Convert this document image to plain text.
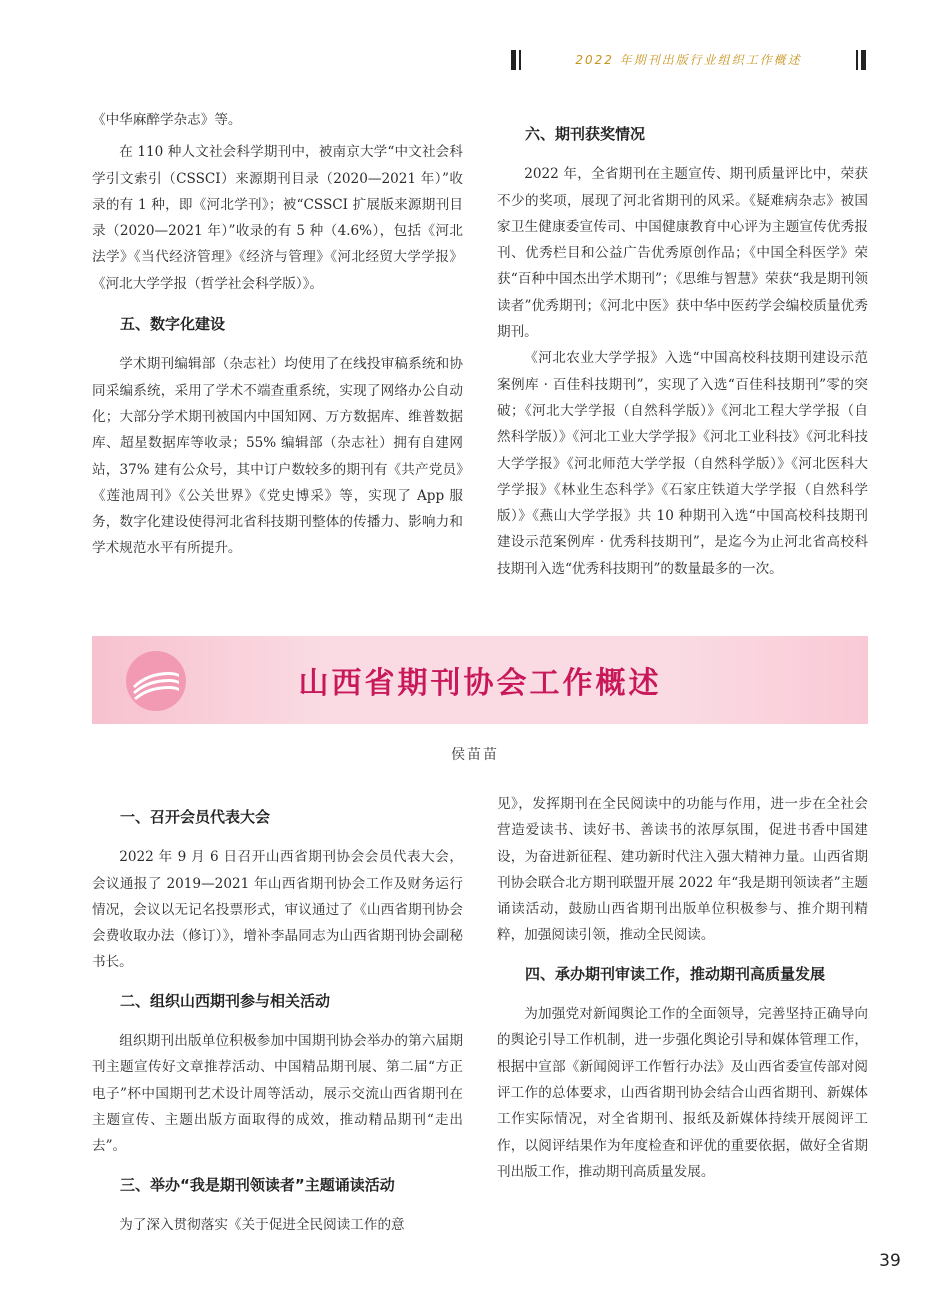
2022 年期刊出版行业组织工作概述

《中华麻醉学杂志》等。

在 110 种人文社会科学期刊中，被南京大学“中文社会科学引文索引（CSSCI）来源期刊目录（2020—2021 年）”收录的有 1 种，即《河北学刊》；被“CSSCI 扩展版来源期刊目录（2020—2021 年）”收录的有 5 种（4.6%），包括《河北法学》《当代经济管理》《经济与管理》《河北经贸大学学报》《河北大学学报（哲学社会科学版）》。

五、数字化建设

学术期刊编辑部（杂志社）均使用了在线投审稿系统和协同采编系统，采用了学术不端查重系统，实现了网络办公自动化；大部分学术期刊被国内中国知网、万方数据库、维普数据库、超星数据库等收录；55% 编辑部（杂志社）拥有自建网站，37% 建有公众号，其中订户数较多的期刊有《共产党员》《莲池周刊》《公关世界》《党史博采》等，实现了 App 服务，数字化建设使得河北省科技期刊整体的传播力、影响力和学术规范水平有所提升。

六、期刊获奖情况

2022 年，全省期刊在主题宣传、期刊质量评比中，荣获不少的奖项，展现了河北省期刊的风采。《疑难病杂志》被国家卫生健康委宣传司、中国健康教育中心评为主题宣传优秀报刊、优秀栏目和公益广告优秀原创作品；《中国全科医学》荣获“百种中国杰出学术期刊”；《思维与智慧》荣获“我是期刊领读者”优秀期刊；《河北中医》获中华中医药学会编校质量优秀期刊。

《河北农业大学学报》入选“中国高校科技期刊建设示范案例库 · 百佳科技期刊”，实现了入选“百佳科技期刊”零的突破；《河北大学学报（自然科学版）》《河北工程大学学报（自然科学版）》《河北工业大学学报》《河北工业科技》《河北科技大学学报》《河北师范大学学报（自然科学版）》《河北医科大学学报》《林业生态科学》《石家庄铁道大学学报（自然科学版）》《燕山大学学报》共 10 种期刊入选“中国高校科技期刊建设示范案例库 · 优秀科技期刊”，是迄今为止河北省高校科技期刊入选“优秀科技期刊”的数量最多的一次。

山西省期刊协会工作概述
侯苗苗
一、召开会员代表大会

2022 年 9 月 6 日召开山西省期刊协会会员代表大会，会议通报了 2019—2021 年山西省期刊协会工作及财务运行情况，会议以无记名投票形式，审议通过了《山西省期刊协会会费收取办法（修订）》，增补李晶同志为山西省期刊协会副秘书长。

二、组织山西期刊参与相关活动

组织期刊出版单位积极参加中国期刊协会举办的第六届期刊主题宣传好文章推荐活动、中国精品期刊展、第二届“方正电子”杯中国期刊艺术设计周等活动，展示交流山西省期刊在主题宣传、主题出版方面取得的成效，推动精品期刊“走出去”。

三、举办“我是期刊领读者”主题诵读活动

为了深入贯彻落实《关于促进全民阅读工作的意

见》，发挥期刊在全民阅读中的功能与作用，进一步在全社会营造爱读书、读好书、善读书的浓厚氛围，促进书香中国建设，为奋进新征程、建功新时代注入强大精神力量。山西省期刊协会联合北方期刊联盟开展 2022 年“我是期刊领读者”主题诵读活动，鼓励山西省期刊出版单位积极参与、推介期刊精粹，加强阅读引领，推动全民阅读。

四、承办期刊审读工作，推动期刊高质量发展

为加强党对新闻舆论工作的全面领导，完善坚持正确导向的舆论引导工作机制，进一步强化舆论引导和媒体管理工作，根据中宣部《新闻阅评工作暂行办法》及山西省委宣传部对阅评工作的总体要求，山西省期刊协会结合山西省期刊、新媒体工作实际情况，对全省期刊、报纸及新媒体持续开展阅评工作，以阅评结果作为年度检查和评优的重要依据，做好全省期刊出版工作，推动期刊高质量发展。

39
